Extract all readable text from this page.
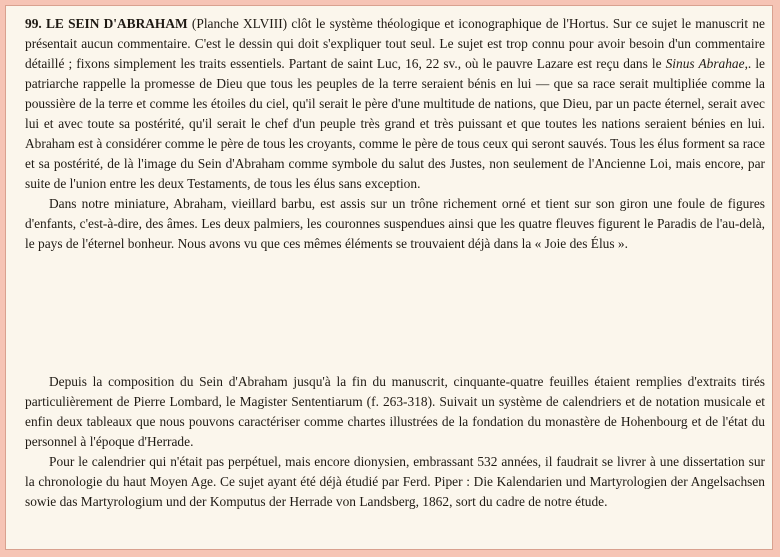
99. LE SEIN D'ABRAHAM (Planche XLVIII) clôt le système théologique et iconographique de l'Hortus. Sur ce sujet le manuscrit ne présentait aucun commentaire. C'est le dessin qui doit s'expliquer tout seul. Le sujet est trop connu pour avoir besoin d'un commentaire détaillé ; fixons simplement les traits essentiels. Partant de saint Luc, 16, 22 sv., où le pauvre Lazare est reçu dans le Sinus Abrahae,. le patriarche rappelle la promesse de Dieu que tous les peuples de la terre seraient bénis en lui — que sa race serait multipliée comme la poussière de la terre et comme les étoiles du ciel, qu'il serait le père d'une multitude de nations, que Dieu, par un pacte éternel, serait avec lui et avec toute sa postérité, qu'il serait le chef d'un peuple très grand et très puissant et que toutes les nations seraient bénies en lui. Abraham est à considérer comme le père de tous les croyants, comme le père de tous ceux qui seront sauvés. Tous les élus forment sa race et sa postérité, de là l'image du Sein d'Abraham comme symbole du salut des Justes, non seulement de l'Ancienne Loi, mais encore, par suite de l'union entre les deux Testaments, de tous les élus sans exception.

Dans notre miniature, Abraham, vieillard barbu, est assis sur un trône richement orné et tient sur son giron une foule de figures d'enfants, c'est-à-dire, des âmes. Les deux palmiers, les couronnes suspendues ainsi que les quatre fleuves figurent le Paradis de l'au-delà, le pays de l'éternel bonheur. Nous avons vu que ces mêmes éléments se trouvaient déjà dans la « Joie des Élus ».

Depuis la composition du Sein d'Abraham jusqu'à la fin du manuscrit, cinquante-quatre feuilles étaient remplies d'extraits tirés particulièrement de Pierre Lombard, le Magister Sententiarum (f. 263-318). Suivait un système de calendriers et de notation musicale et enfin deux tableaux que nous pouvons caractériser comme chartes illustrées de la fondation du monastère de Hohenbourg et de l'état du personnel à l'époque d'Herrade.

Pour le calendrier qui n'était pas perpétuel, mais encore dionysien, embrassant 532 années, il faudrait se livrer à une dissertation sur la chronologie du haut Moyen Age. Ce sujet ayant été déjà étudié par Ferd. Piper : Die Kalendarien und Martyrologien der Angelsachsen sowie das Martyrologium und der Komputus der Herrade von Landsberg, 1862, sort du cadre de notre étude.
